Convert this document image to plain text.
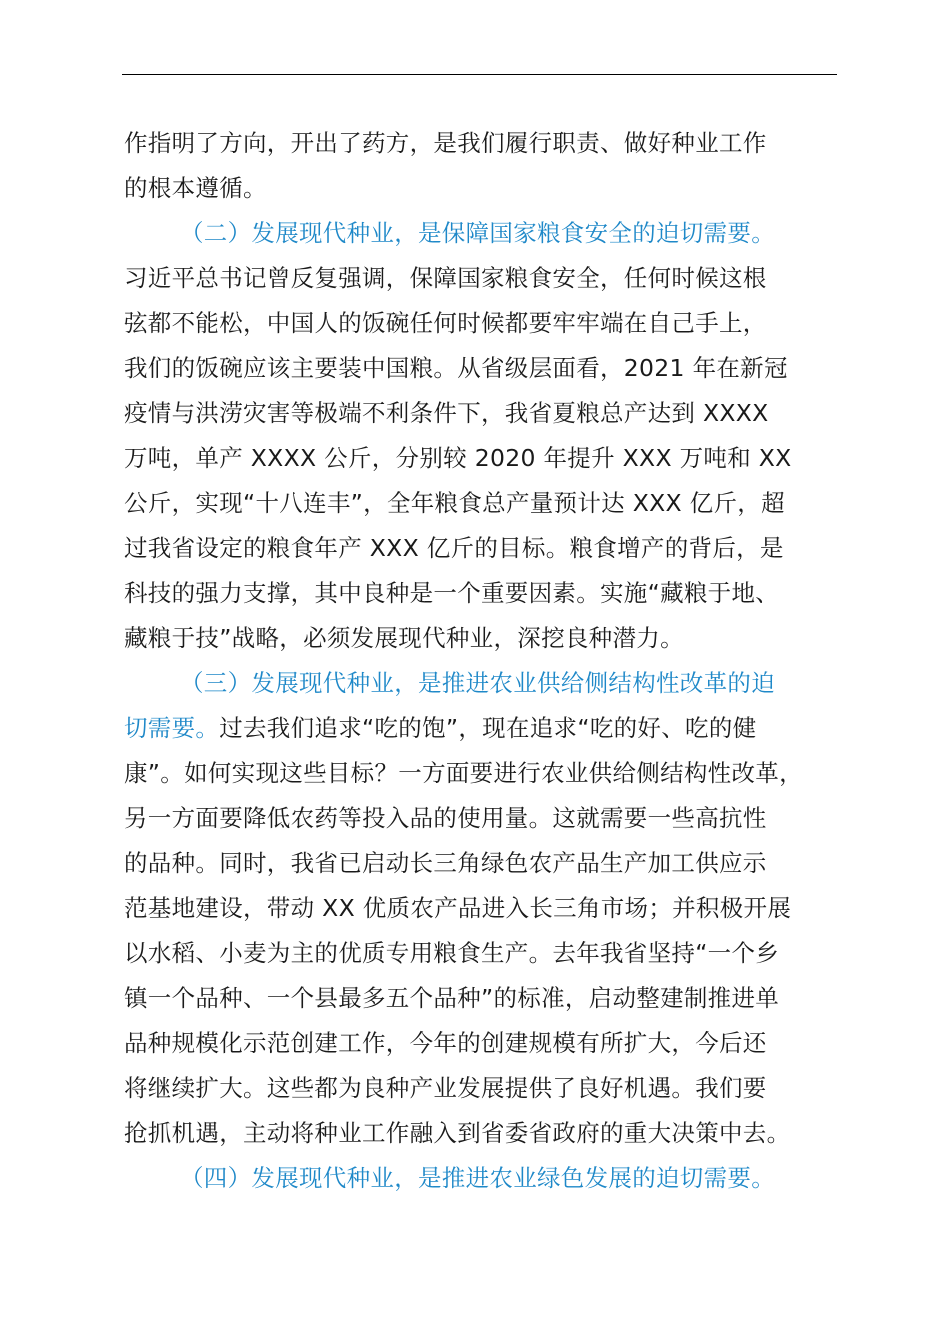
作指明了方向，开出了药方，是我们履行职责、做好种业工作
的根本遵循。
（二）发展现代种业，是保障国家粮食安全的迫切需要。
习近平总书记曾反复强调，保障国家粮食安全，任何时候这根
弦都不能松，中国人的饭碗任何时候都要牢牢端在自己手上，
我们的饭碗应该主要装中国粮。从省级层面看，2021 年在新冠
疫情与洪涝灾害等极端不利条件下，我省夏粮总产达到 XXXX
万吨，单产 XXXX 公斤，分别较 2020 年提升 XXX 万吨和 XX
公斤，实现“十八连丰”，全年粮食总产量预计达 XXX 亿斤，超
过我省设定的粮食年产 XXX 亿斤的目标。粮食增产的背后，是
科技的强力支撑，其中良种是一个重要因素。实施“藏粮于地、
藏粮于技”战略，必须发展现代种业，深挖良种潜力。
（三）发展现代种业，是推进农业供给侧结构性改革的迫
切需要。过去我们追求“吃的饱”，现在追求“吃的好、吃的健
康”。如何实现这些目标？一方面要进行农业供给侧结构性改革，
另一方面要降低农药等投入品的使用量。这就需要一些高抗性
的品种。同时，我省已启动长三角绿色农产品生产加工供应示
范基地建设，带动 XX 优质农产品进入长三角市场；并积极开展
以水稻、小麦为主的优质专用粮食生产。去年我省坚持“一个乡
镇一个品种、一个县最多五个品种”的标准，启动整建制推进单
品种规模化示范创建工作，今年的创建规模有所扩大，今后还
将继续扩大。这些都为良种产业发展提供了良好机遇。我们要
抢抓机遇，主动将种业工作融入到省委省政府的重大决策中去。
（四）发展现代种业，是推进农业绿色发展的迫切需要。
